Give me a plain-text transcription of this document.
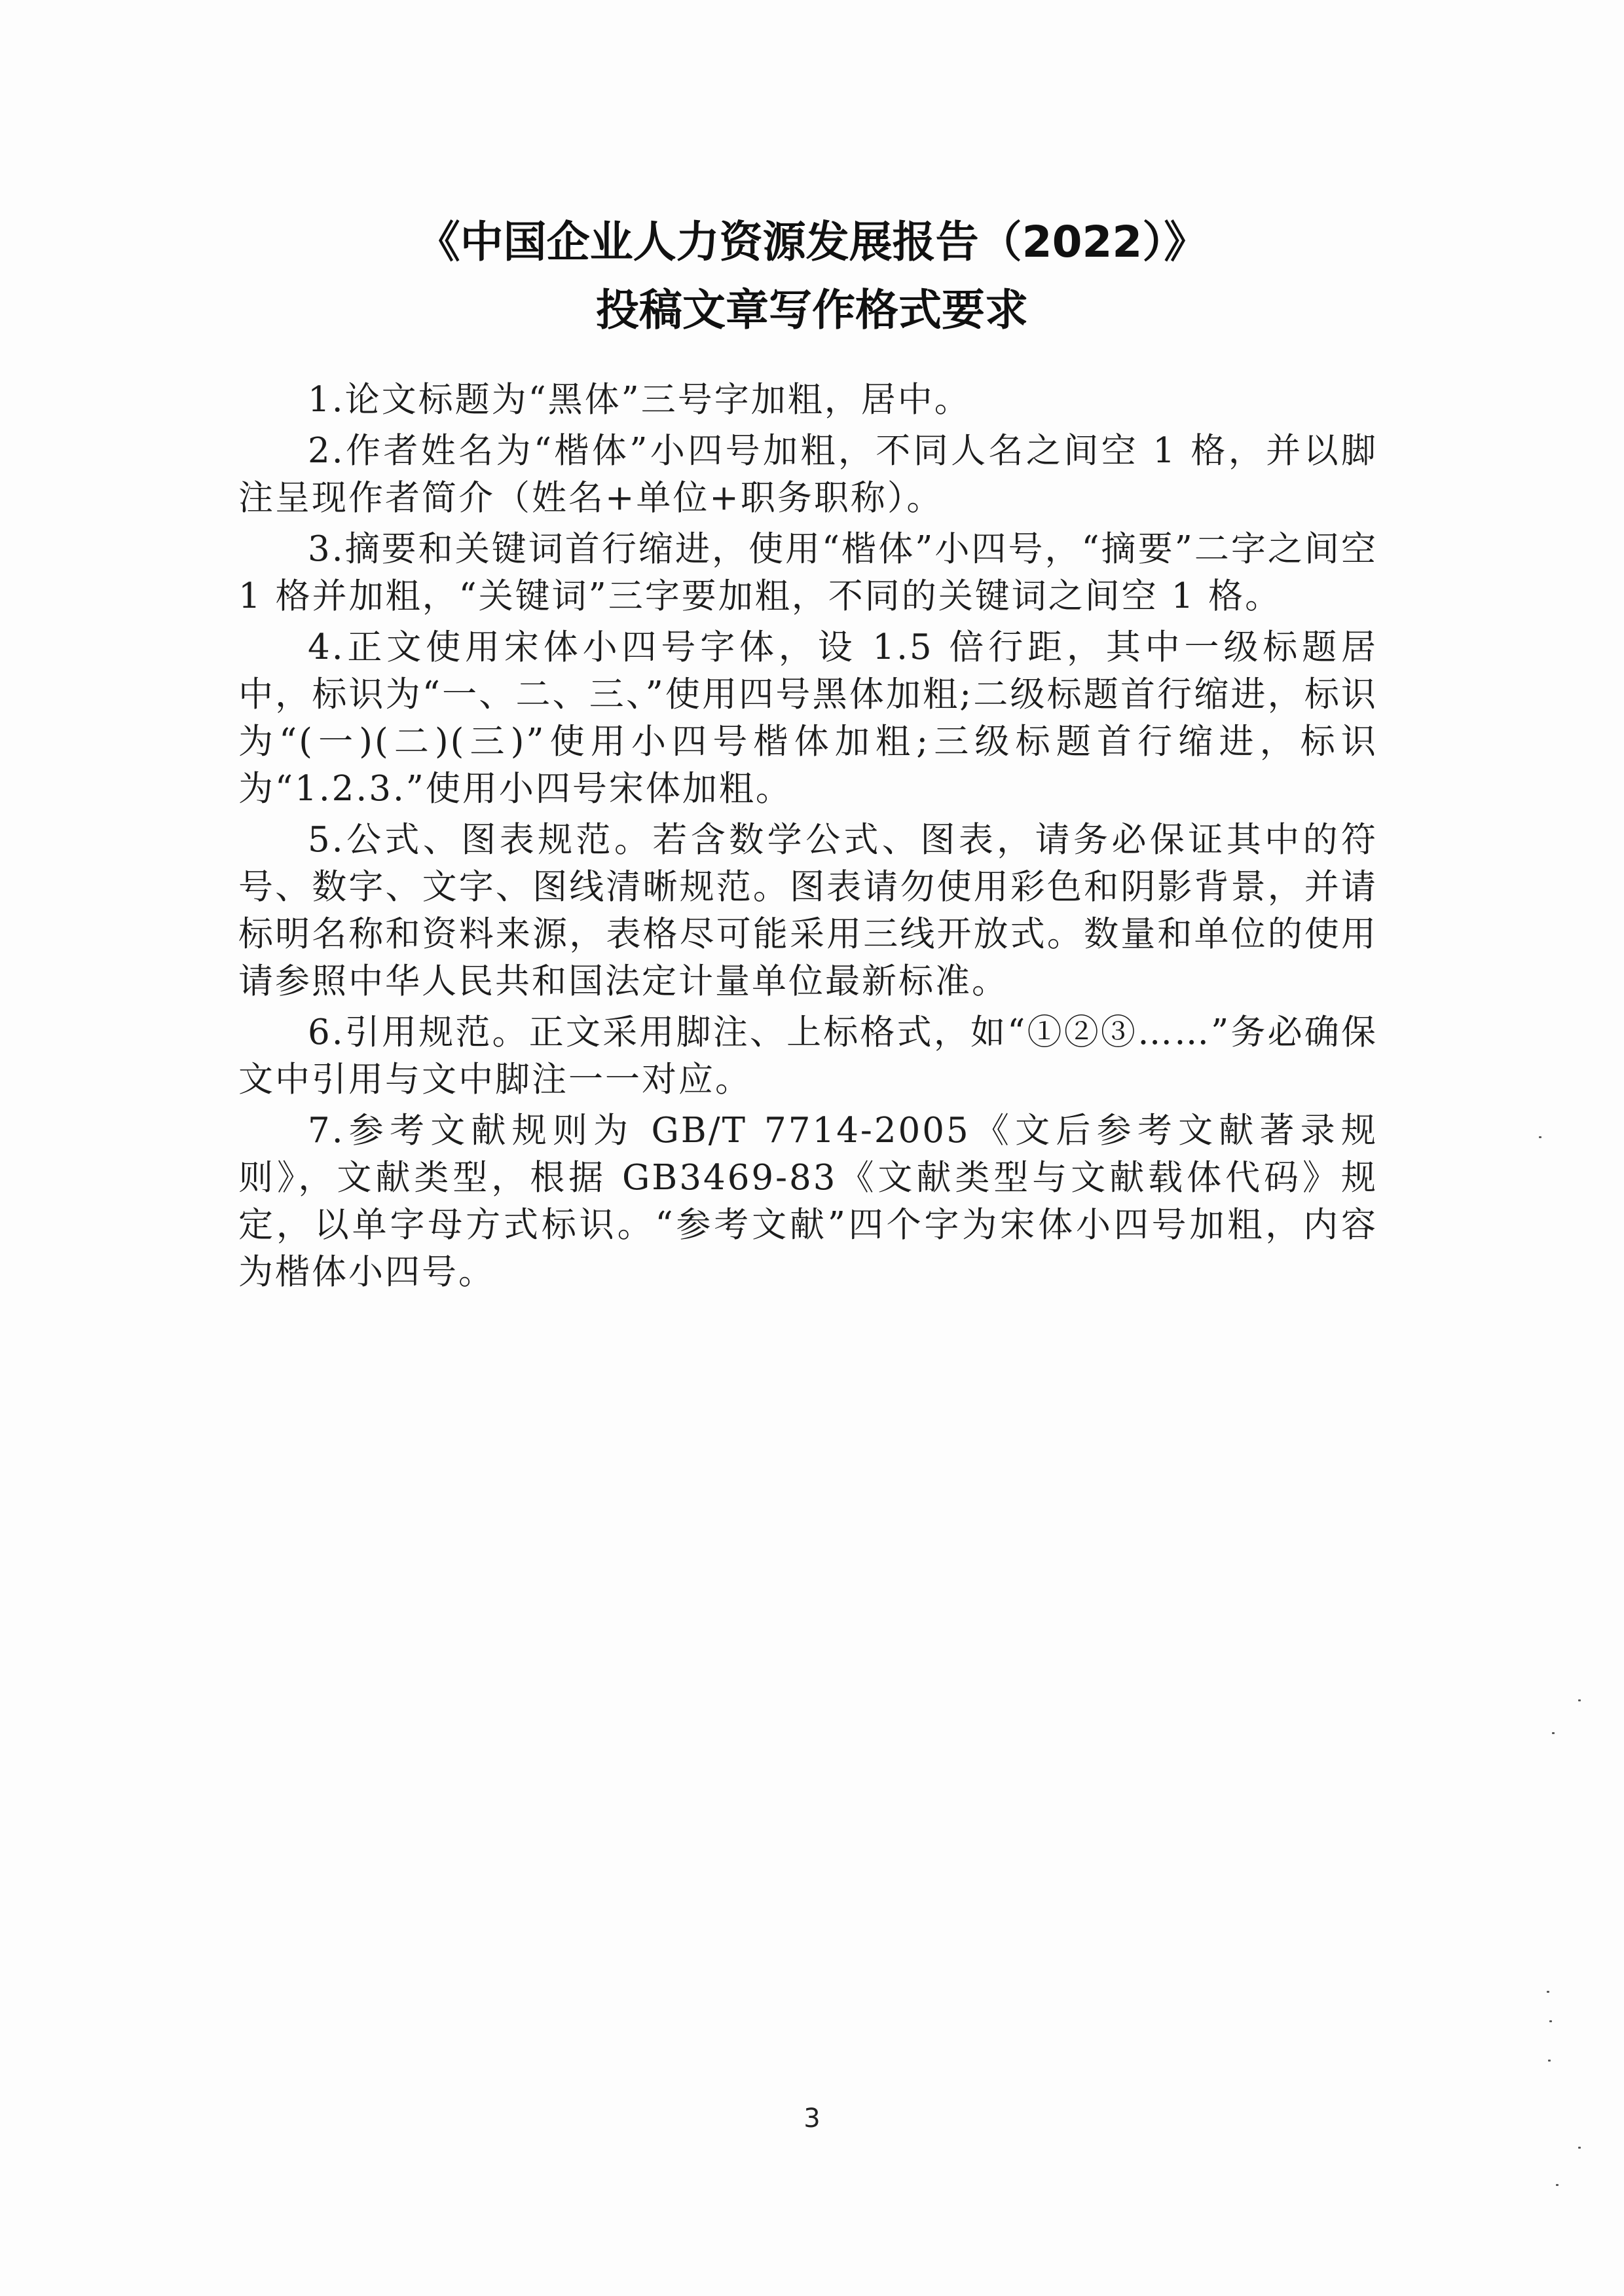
《中国企业人力资源发展报告（2022）》
投稿文章写作格式要求

1.论文标题为“黑体”三号字加粗，居中。

2.作者姓名为“楷体”小四号加粗，不同人名之间空 1 格，并以脚注呈现作者简介（姓名+单位+职务职称）。

3.摘要和关键词首行缩进，使用“楷体”小四号，“摘要”二字之间空 1 格并加粗，“关键词”三字要加粗，不同的关键词之间空 1 格。

4.正文使用宋体小四号字体，设 1.5 倍行距，其中一级标题居中，标识为“一、二、三、”使用四号黑体加粗;二级标题首行缩进，标识为“(一)(二)(三)”使用小四号楷体加粗;三级标题首行缩进，标识为“1.2.3.”使用小四号宋体加粗。

5.公式、图表规范。若含数学公式、图表，请务必保证其中的符号、数字、文字、图线清晰规范。图表请勿使用彩色和阴影背景，并请标明名称和资料来源，表格尽可能采用三线开放式。数量和单位的使用请参照中华人民共和国法定计量单位最新标准。

6.引用规范。正文采用脚注、上标格式，如“①②③……”务必确保文中引用与文中脚注一一对应。

7.参考文献规则为 GB/T 7714-2005《文后参考文献著录规则》，文献类型，根据 GB3469-83《文献类型与文献载体代码》规定，以单字母方式标识。“参考文献”四个字为宋体小四号加粗，内容为楷体小四号。

3
